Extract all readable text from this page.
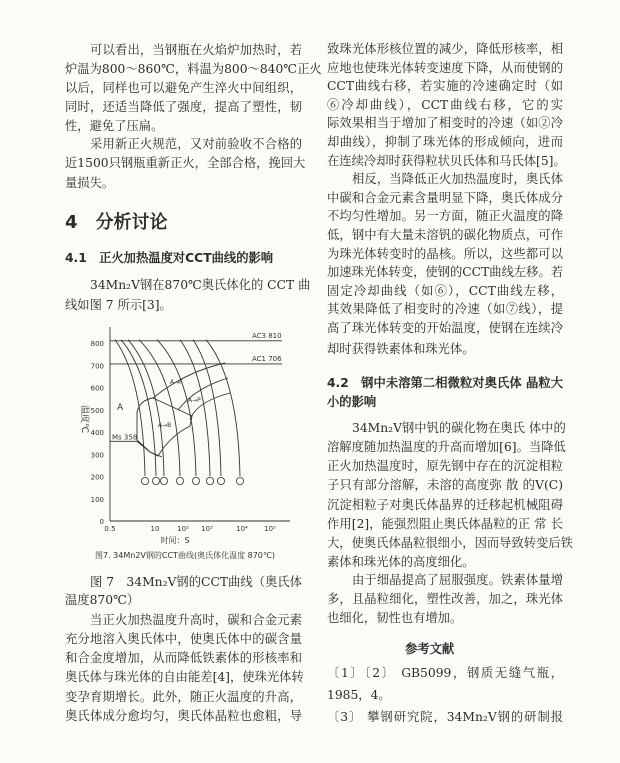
可以看出，当钢瓶在火焰炉加热时，若
炉温为800～860℃，料温为800～840℃正火
以后，同样也可以避免产生淬火中间组织，
同时，还适当降低了强度，提高了塑性，韧
性，避免了压扁。
采用新正火规范，又对前验收不合格的
近1500只钢瓶重新正火，全部合格，挽回大
量损失。
4　分析讨论
4.1　正火加热温度对CCT曲线的影响
34Mn₂V钢在870℃奥氏体化的 CCT 曲
线如图 7 所示[3]。
图 7　34Mn₂V钢的CCT曲线（奥氏体
温度870℃）
当正火加热温度升高时，碳和合金元素
充分地溶入奥氏体中，使奥氏体中的碳含量
和合金度增加，从而降低铁素体的形核率和
奥氏体与珠光体的自由能差[4]，使珠光体转
变孕育期增长。此外，随正火温度的升高，
奥氏体成分愈均匀，奥氏体晶粒也愈粗，导
致珠光体形核位置的减少，降低形核率，相
应地也使珠光体转变速度下降，从而使钢的
CCT曲线右移，若实施的冷速确定时（如
⑥冷却曲线），CCT曲线右移，它的实
际效果相当于增加了相变时的冷速（如②冷
却曲线），抑制了珠光体的形成倾向，进而
在连续冷却时获得粒状贝氏体和马氏体[5]。
相反，当降低正火加热温度时，奥氏体
中碳和合金元素含量明显下降，奥氏体成分
不均匀性增加。另一方面，随正火温度的降
低，钢中有大量未溶钒的碳化物质点，可作
为珠光体转变时的晶核。所以，这些都可以
加速珠光体转变，使钢的CCT曲线左移。若
固定冷却曲线（如⑥），CCT曲线左移，
其效果降低了相变时的冷速（如⑦线），提
高了珠光体转变的开始温度，使钢在连续冷
却时获得铁素体和珠光体。
4.2　钢中未溶第二相微粒对奥氏体 晶粒大
小的影响
34Mn₂V钢中钒的碳化物在奥氏 体中的
溶解度随加热温度的升高而增加[6]。当降低
正火加热温度时，原先钢中存在的沉淀相粒
子只有部分溶解，未溶的高度弥 散 的V(C)
沉淀相粒子对奥氏体晶界的迁移起机械阻碍
作用[2]，能强烈阻止奥氏体晶粒的正 常 长
大，使奥氏体晶粒很细小，因而导致转变后铁
素体和珠光体的高度细化。
由于细晶提高了屈服强度。铁素体量增
多，且晶粒细化，塑性改善，加之，珠光体
也细化，韧性也有增加。
参考文献
〔1〕〔2〕 GB5099，钢质无缝气瓶，
1985，4。
〔3〕 攀钢研究院，34Mn₂V钢的研制报
0
100
200
300
400
500
600
700
800
0.5	10	10² 10³	10⁴ 10⁵
时间：S
温度℃
AC3 810
AC1 706
Ms 358
A
A→F
A→P
A→B
图7. 34Mn2V钢的CCT曲线(奥氏体化温度 870℃)
